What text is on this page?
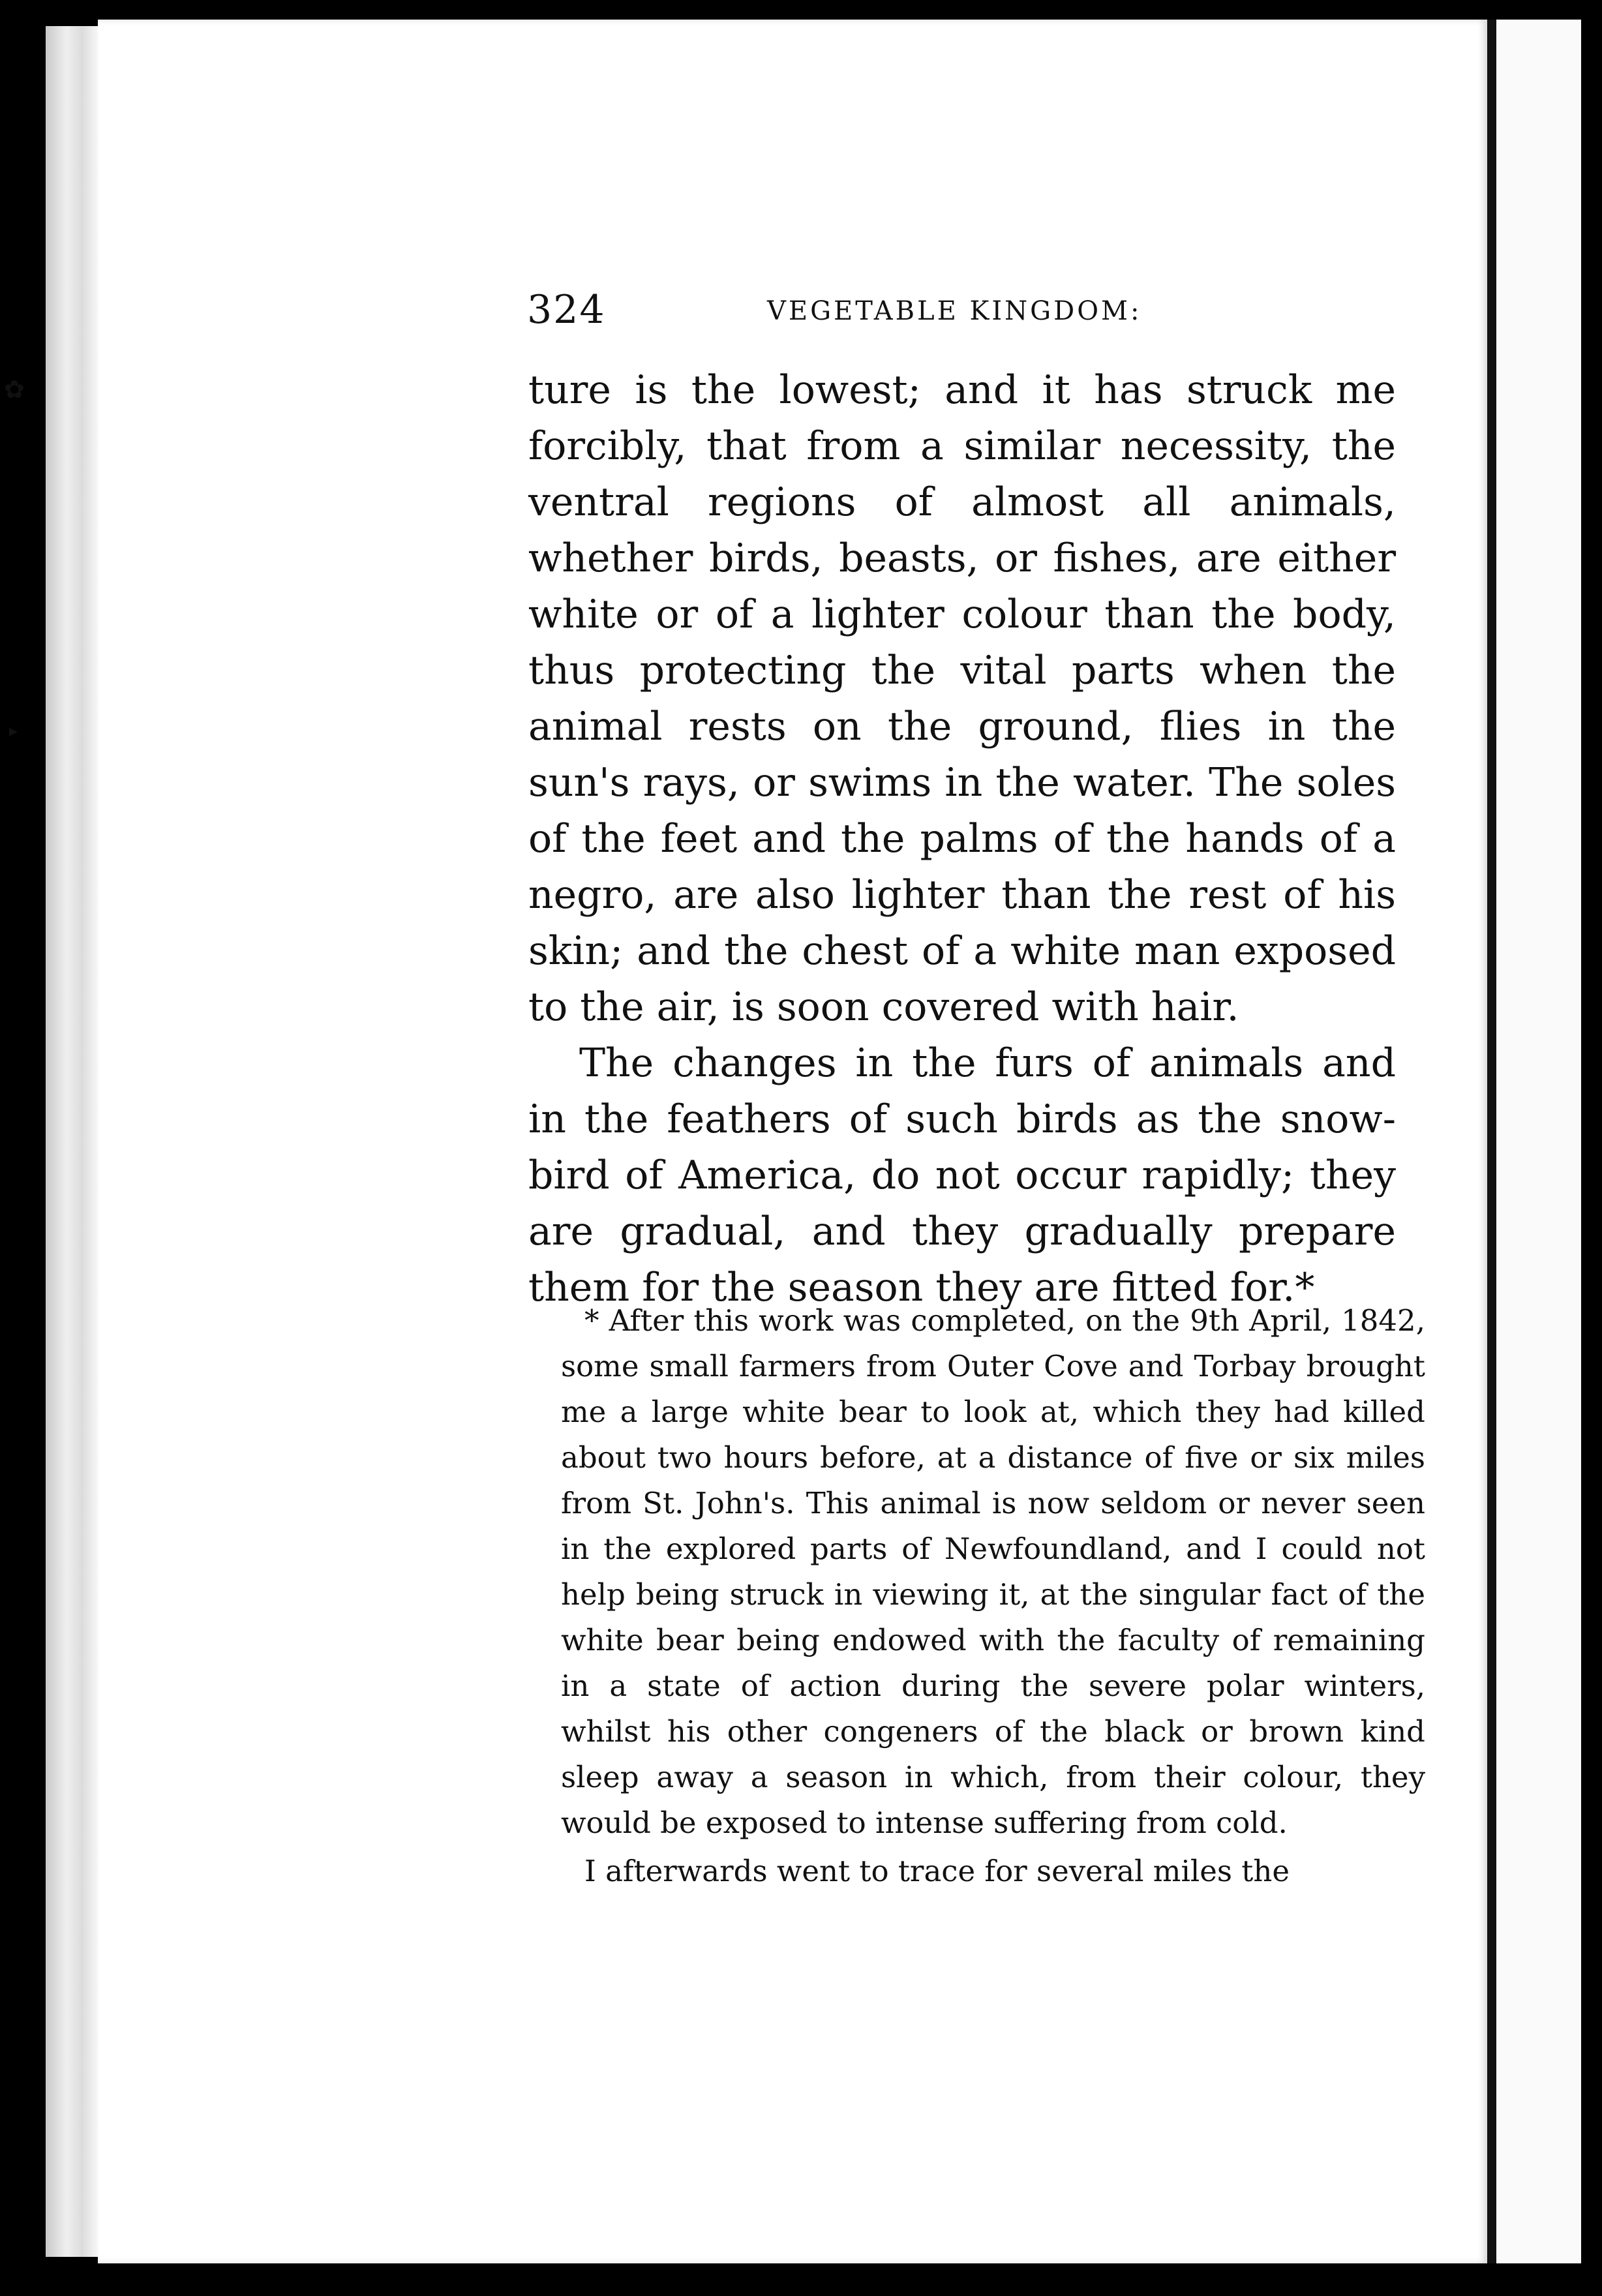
✿
▸
324	VEGETABLE KINGDOM:

ture is the lowest; and it has struck me forcibly, that from a similar necessity, the ventral regions of almost all animals, whether birds, beasts, or fishes, are either white or of a lighter colour than the body, thus protecting the vital parts when the animal rests on the ground, flies in the sun's rays, or swims in the water. The soles of the feet and the palms of the hands of a negro, are also lighter than the rest of his skin; and the chest of a white man exposed to the air, is soon covered with hair.

The changes in the furs of animals and in the feathers of such birds as the snow-bird of America, do not occur rapidly; they are gradual, and they gradually prepare them for the season they are fitted for.*

* After this work was completed, on the 9th April, 1842, some small farmers from Outer Cove and Torbay brought me a large white bear to look at, which they had killed about two hours before, at a distance of five or six miles from St. John's. This animal is now seldom or never seen in the explored parts of Newfoundland, and I could not help being struck in viewing it, at the singular fact of the white bear being endowed with the faculty of remaining in a state of action during the severe polar winters, whilst his other congeners of the black or brown kind sleep away a season in which, from their colour, they would be exposed to intense suffering from cold.

I afterwards went to trace for several miles the
